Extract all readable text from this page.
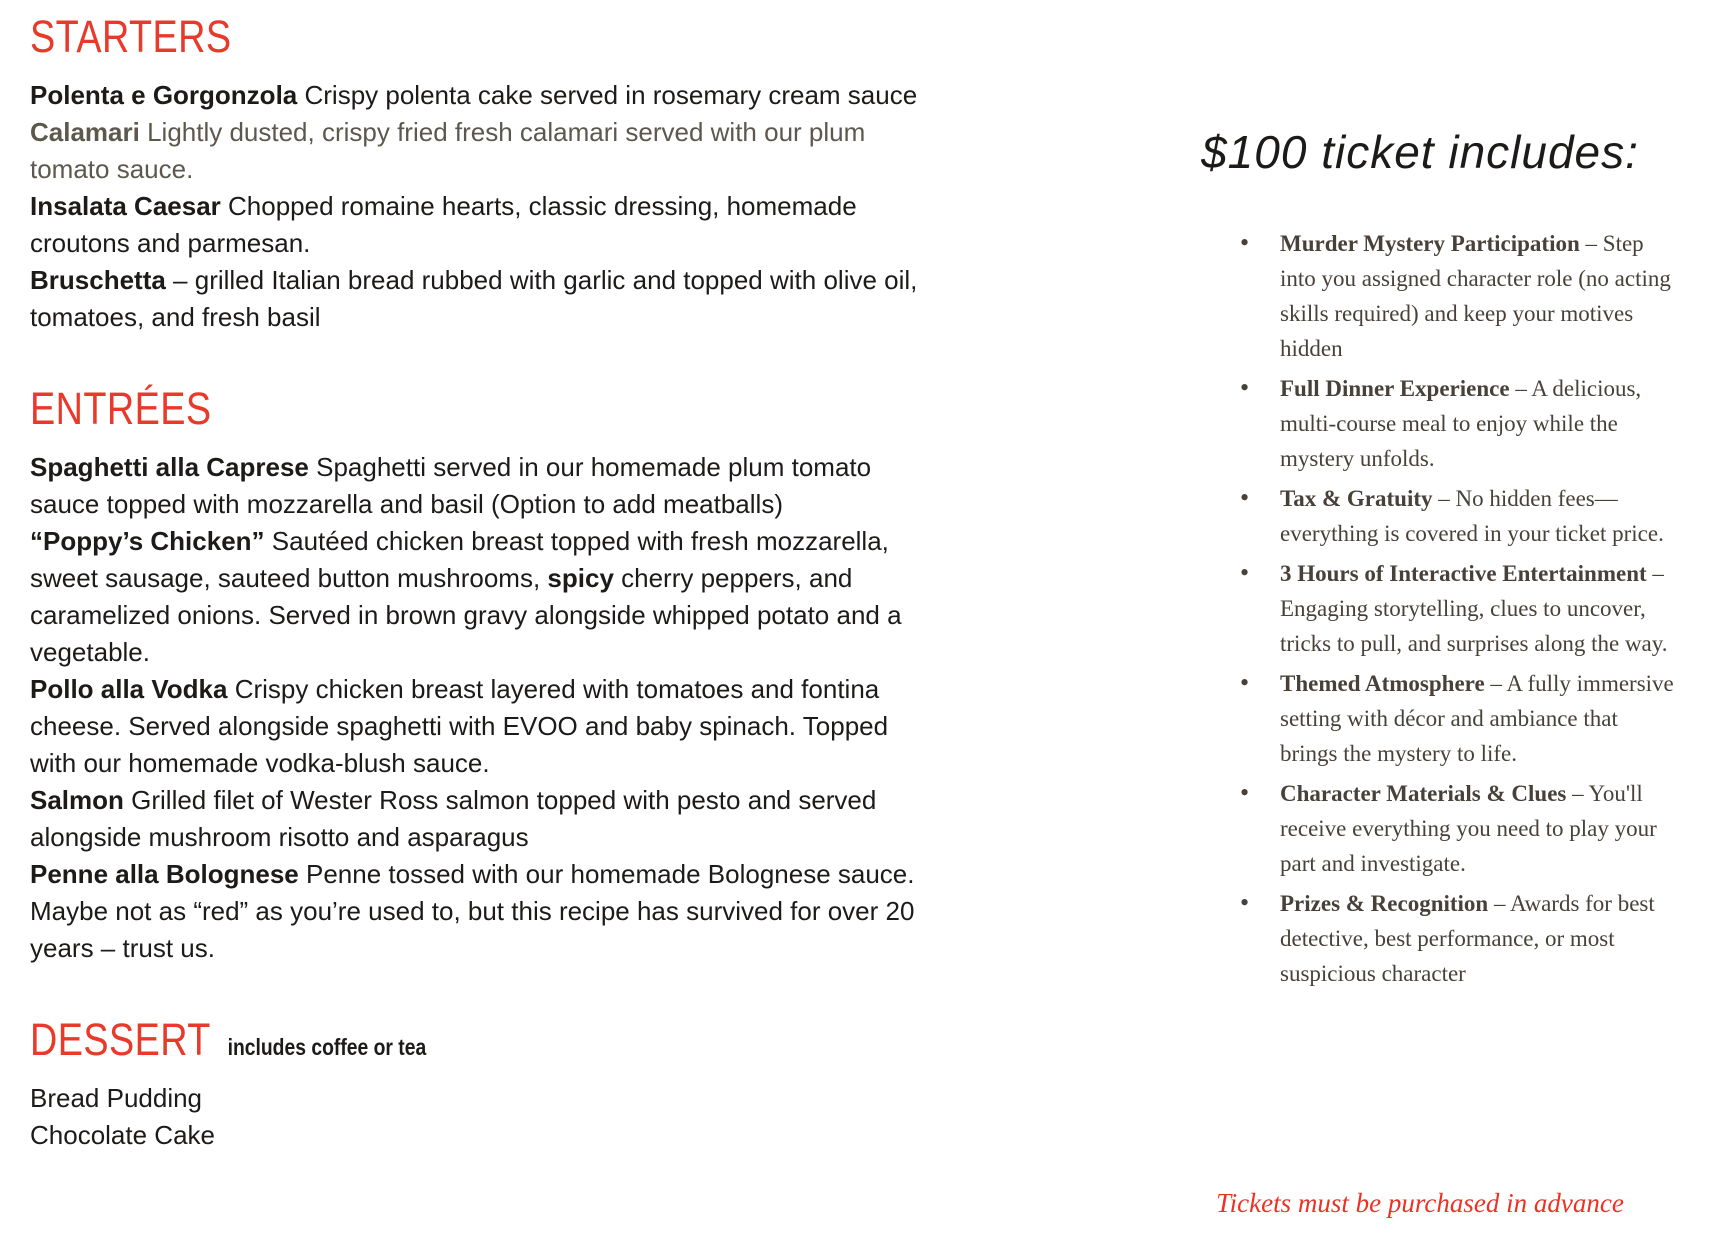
STARTERS

Polenta e Gorgonzola Crispy polenta cake served in rosemary cream sauce

Calamari Lightly dusted, crispy fried fresh calamari served with our plum tomato sauce.

Insalata Caesar Chopped romaine hearts, classic dressing, homemade croutons and parmesan.

Bruschetta – grilled Italian bread rubbed with garlic and topped with olive oil, tomatoes, and fresh basil

ENTRÉES

Spaghetti alla Caprese Spaghetti served in our homemade plum tomato sauce topped with mozzarella and basil (Option to add meatballs)

“Poppy’s Chicken” Sautéed chicken breast topped with fresh mozzarella, sweet sausage, sauteed button mushrooms, spicy cherry peppers, and caramelized onions. Served in brown gravy alongside whipped potato and a vegetable.

Pollo alla Vodka Crispy chicken breast layered with tomatoes and fontina cheese. Served alongside spaghetti with EVOO and baby spinach. Topped with our homemade vodka-blush sauce.

Salmon Grilled filet of Wester Ross salmon topped with pesto and served alongside mushroom risotto and asparagus

Penne alla Bolognese Penne tossed with our homemade Bolognese sauce. Maybe not as “red” as you’re used to, but this recipe has survived for over 20 years – trust us.

DESSERT includes coffee or tea

Bread Pudding

Chocolate Cake

$100 ticket includes:
•
Murder Mystery Participation – Step into you assigned character role (no acting skills required) and keep your motives hidden
•
Full Dinner Experience – A delicious, multi-course meal to enjoy while the mystery unfolds.
•
Tax & Gratuity – No hidden fees—everything is covered in your ticket price.
•
3 Hours of Interactive Entertainment – Engaging storytelling, clues to uncover, tricks to pull, and surprises along the way.
•
Themed Atmosphere – A fully immersive setting with décor and ambiance that brings the mystery to life.
•
Character Materials & Clues – You'll receive everything you need to play your part and investigate.
•
Prizes & Recognition – Awards for best detective, best performance, or most suspicious character
Tickets must be purchased in advance
